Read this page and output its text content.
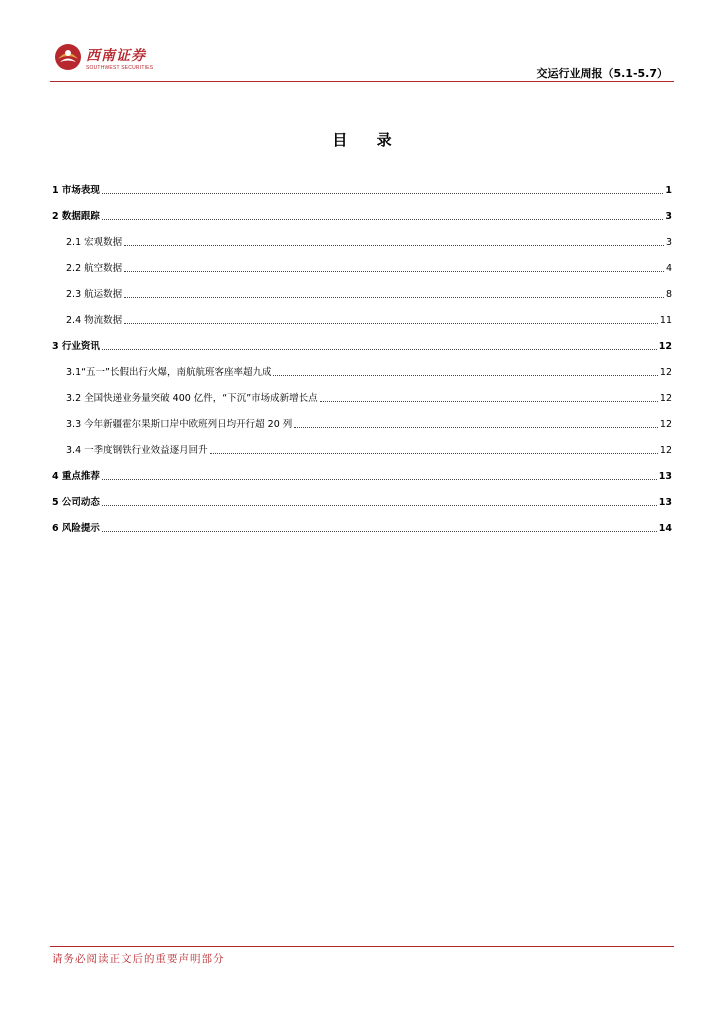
西南证券
SOUTHWEST SECURITIES	交运行业周报（5.1-5.7）
目 录
1 市场表现	1
2 数据跟踪	3
2.1 宏观数据	3
2.2 航空数据	4
2.3 航运数据	8
2.4 物流数据	11
3 行业资讯	12
3.1“五一”长假出行火爆，南航航班客座率超九成	12
3.2 全国快递业务量突破 400 亿件，“下沉”市场成新增长点	12
3.3 今年新疆霍尔果斯口岸中欧班列日均开行超 20 列	12
3.4 一季度钢铁行业效益逐月回升	12
4 重点推荐	13
5 公司动态	13
6 风险提示	14
请务必阅读正文后的重要声明部分
